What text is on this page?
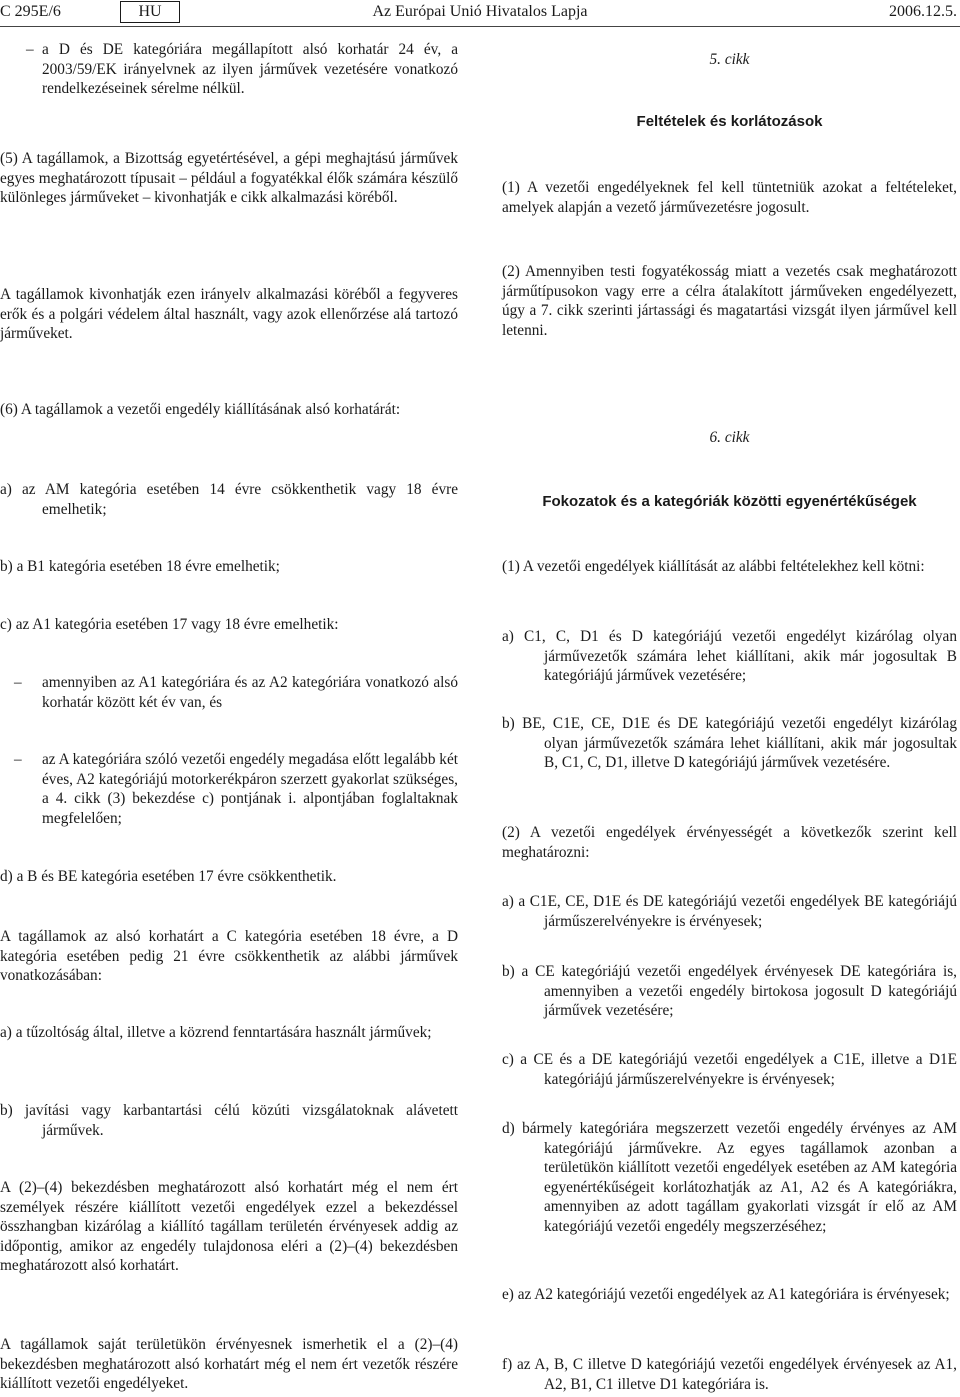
C 295E/6	HU	Az Európai Unió Hivatalos Lapja	2006.12.5.
– a D és DE kategóriára megállapított alsó korhatár 24 év, a 2003/59/EK irányelvnek az ilyen járművek vezetésére vonatkozó rendelkezéseinek sérelme nélkül.
(5) A tagállamok, a Bizottság egyetértésével, a gépi meghajtású járművek egyes meghatározott típusait – például a fogyatékkal élők számára készülő különleges járműveket – kivonhatják e cikk alkalmazási köréből.
A tagállamok kivonhatják ezen irányelv alkalmazási köréből a fegyveres erők és a polgári védelem által használt, vagy azok ellenőrzése alá tartozó járműveket.
(6) A tagállamok a vezetői engedély kiállításának alsó korhatárát:
a) az AM kategória esetében 14 évre csökkenthetik vagy 18 évre emelhetik;
b) a B1 kategória esetében 18 évre emelhetik;
c) az A1 kategória esetében 17 vagy 18 évre emelhetik:
– amennyiben az A1 kategóriára és az A2 kategóriára vonatkozó alsó korhatár között két év van, és
– az A kategóriára szóló vezetői engedély megadása előtt legalább két éves, A2 kategóriájú motorkerékpáron szerzett gyakorlat szükséges, a 4. cikk (3) bekezdése c) pontjának i. alpontjában foglaltaknak megfelelően;
d) a B és BE kategória esetében 17 évre csökkenthetik.
A tagállamok az alsó korhatárt a C kategória esetében 18 évre, a D kategória esetében pedig 21 évre csökkenthetik az alábbi járművek vonatkozásában:
a) a tűzoltóság által, illetve a közrend fenntartására használt járművek;
b) javítási vagy karbantartási célú közúti vizsgálatoknak alávetett járművek.
A (2)–(4) bekezdésben meghatározott alsó korhatárt még el nem ért személyek részére kiállított vezetői engedélyek ezzel a bekezdéssel összhangban kizárólag a kiállító tagállam területén érvényesek addig az időpontig, amikor az engedély tulajdonosa eléri a (2)–(4) bekezdésben meghatározott alsó korhatárt.
A tagállamok saját területükön érvényesnek ismerhetik el a (2)–(4) bekezdésben meghatározott alsó korhatárt még el nem ért vezetők részére kiállított vezetői engedélyeket.
5. cikk
Feltételek és korlátozások
(1) A vezetői engedélyeknek fel kell tüntetniük azokat a feltételeket, amelyek alapján a vezető járművezetésre jogosult.
(2) Amennyiben testi fogyatékosság miatt a vezetés csak meghatározott járműtípusokon vagy erre a célra átalakított járműveken engedélyezett, úgy a 7. cikk szerinti jártassági és magatartási vizsgát ilyen járművel kell letenni.
6. cikk
Fokozatok és a kategóriák közötti egyenértékűségek
(1) A vezetői engedélyek kiállítását az alábbi feltételekhez kell kötni:
a) C1, C, D1 és D kategóriájú vezetői engedélyt kizárólag olyan járművezetők számára lehet kiállítani, akik már jogosultak B kategóriájú járművek vezetésére;
b) BE, C1E, CE, D1E és DE kategóriájú vezetői engedélyt kizárólag olyan járművezetők számára lehet kiállítani, akik már jogosultak B, C1, C, D1, illetve D kategóriájú járművek vezetésére.
(2) A vezetői engedélyek érvényességét a következők szerint kell meghatározni:
a) a C1E, CE, D1E és DE kategóriájú vezetői engedélyek BE kategóriájú járműszerelvényekre is érvényesek;
b) a CE kategóriájú vezetői engedélyek érvényesek DE kategóriára is, amennyiben a vezetői engedély birtokosa jogosult D kategóriájú járművek vezetésére;
c) a CE és a DE kategóriájú vezetői engedélyek a C1E, illetve a D1E kategóriájú járműszerelvényekre is érvényesek;
d) bármely kategóriára megszerzett vezetői engedély érvényes az AM kategóriájú járművekre. Az egyes tagállamok azonban a területükön kiállított vezetői engedélyek esetében az AM kategória egyenértékűségeit korlátozhatják az A1, A2 és A kategóriákra, amennyiben az adott tagállam gyakorlati vizsgát ír elő az AM kategóriájú vezetői engedély megszerzéséhez;
e) az A2 kategóriájú vezetői engedélyek az A1 kategóriára is érvényesek;
f) az A, B, C illetve D kategóriájú vezetői engedélyek érvényesek az A1, A2, B1, C1 illetve D1 kategóriára is.
